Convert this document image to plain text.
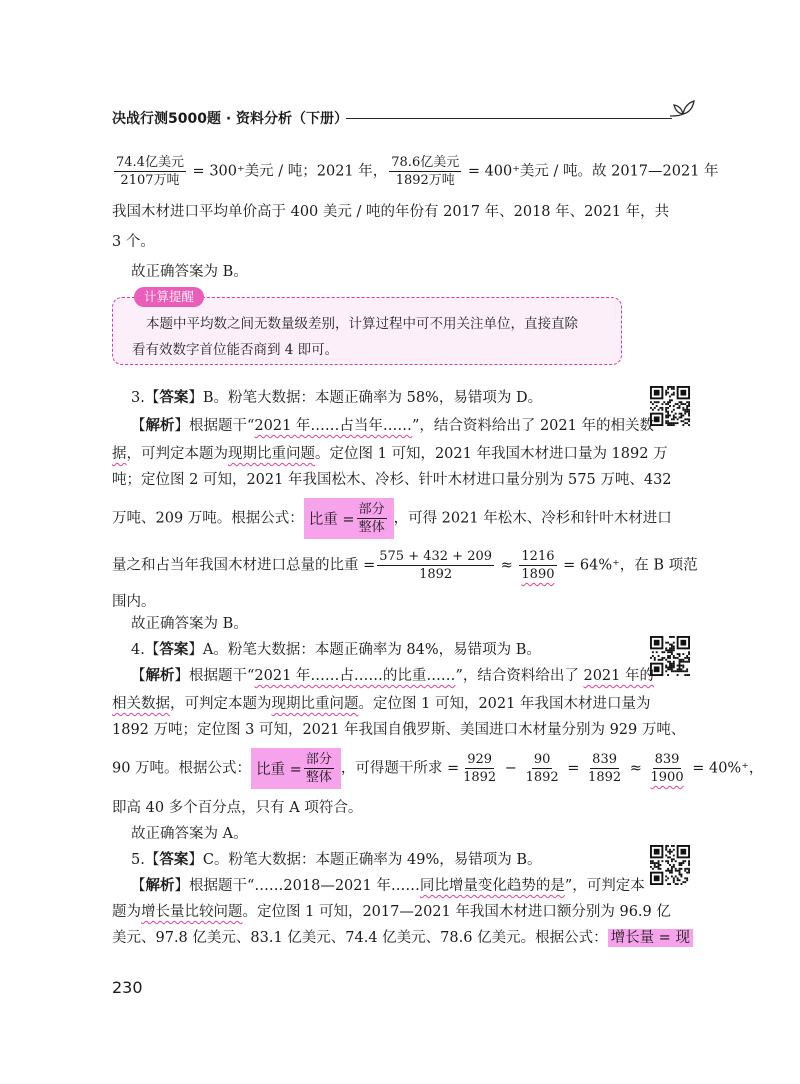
决战行测5000题 · 资料分析（下册）
$\frac{\text{74.4亿美元}}{\text{2107万吨}} = 300^+$美元 / 吨；2021 年， $\frac{\text{78.6亿美元}}{\text{1892万吨}} = 400^+$美元 / 吨。故 2017—2021 年
我国木材进口平均单价高于 400 美元 / 吨的年份有 2017 年、2018 年、2021 年，共
3 个。
故正确答案为 B。
计算提醒
本题中平均数之间无数量级差别，计算过程中可不用关注单位，直接直除
看有效数字首位能否商到 4 即可。
3.【答案】B。粉笔大数据：本题正确率为 58%，易错项为 D。
【解析】根据题干“2021 年……占当年……”，结合资料给出了 2021 年的相关数
据，可判定本题为现期比重问题。定位图 1 可知，2021 年我国木材进口量为 1892 万
吨；定位图 2 可知，2021 年我国松木、冷杉、针叶木材进口量分别为 575 万吨、432
万吨、209 万吨。根据公式： 比重 = $\frac{\text{部分}}{\text{整体}}$ ，可得 2021 年松木、冷杉和针叶木材进口
量之和占当年我国木材进口总量的比重 = $\frac{575 + 432 + 209}{1892} \approx \frac{1216}{1890} = 64\%^+$，在 B 项范
围内。
故正确答案为 B。
4.【答案】A。粉笔大数据：本题正确率为 84%，易错项为 B。
【解析】根据题干“2021 年……占……的比重……”，结合资料给出了 2021 年的
相关数据，可判定本题为现期比重问题。定位图 1 可知，2021 年我国木材进口量为
1892 万吨；定位图 3 可知，2021 年我国自俄罗斯、美国进口木材量分别为 929 万吨、
90 万吨。根据公式： 比重 = $\frac{\text{部分}}{\text{整体}}$ ，可得题干所求 = $\frac{929}{1892} - \frac{90}{1892} = \frac{839}{1892} \approx \frac{839}{1900} = 40\%^+$，
即高 40 多个百分点，只有 A 项符合。
故正确答案为 A。
5.【答案】C。粉笔大数据：本题正确率为 49%，易错项为 B。
【解析】根据题干“……2018—2021 年……同比增量变化趋势的是”，可判定本
题为增长量比较问题。定位图 1 可知，2017—2021 年我国木材进口额分别为 96.9 亿
美元、97.8 亿美元、83.1 亿美元、74.4 亿美元、78.6 亿美元。根据公式： 增长量 = 现
230
